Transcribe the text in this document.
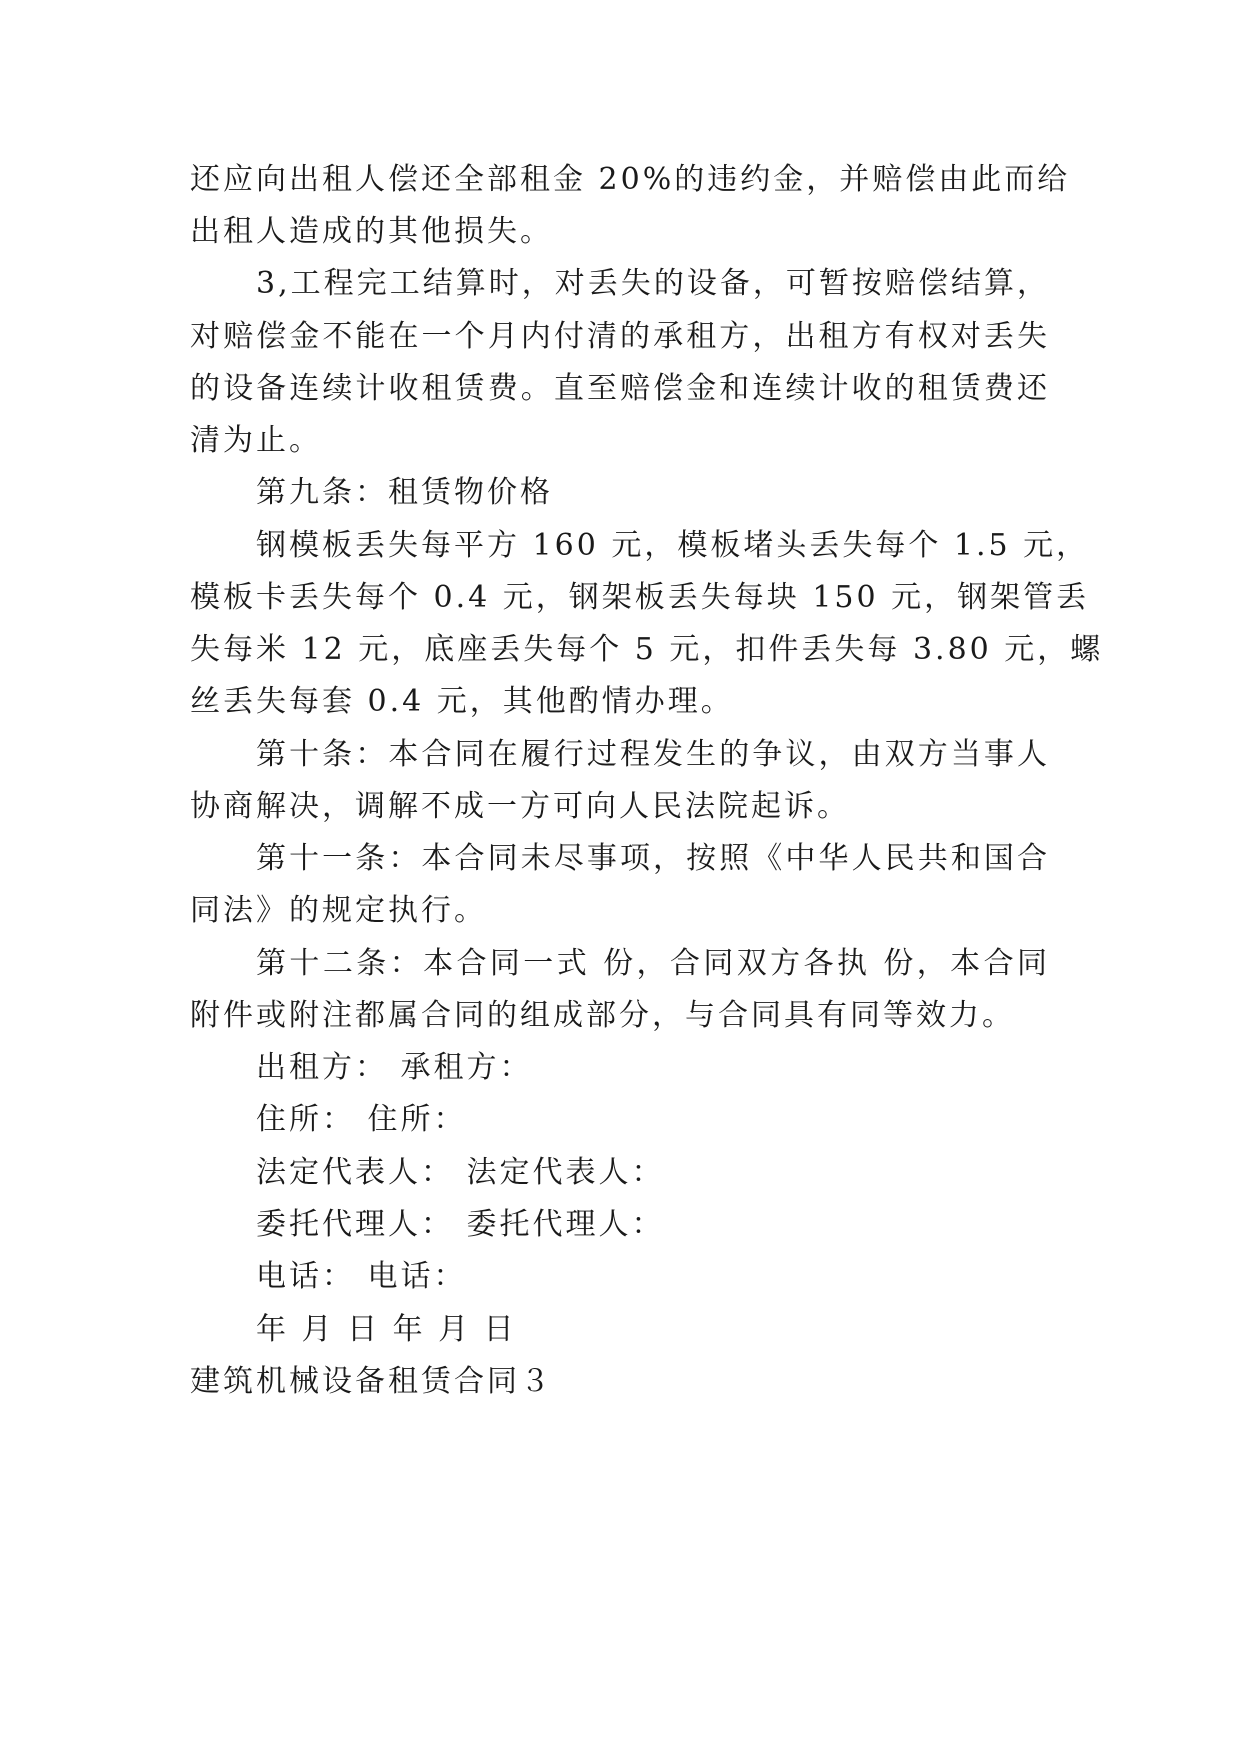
还应向出租人偿还全部租金 20%的违约金，并赔偿由此而给
出租人造成的其他损失。
3,工程完工结算时，对丢失的设备，可暂按赔偿结算，
对赔偿金不能在一个月内付清的承租方，出租方有权对丢失
的设备连续计收租赁费。直至赔偿金和连续计收的租赁费还
清为止。
第九条：租赁物价格
钢模板丢失每平方 160 元，模板堵头丢失每个 1.5 元，
模板卡丢失每个 0.4 元，钢架板丢失每块 150 元，钢架管丢
失每米 12 元，底座丢失每个 5 元，扣件丢失每 3.80 元，螺
丝丢失每套 0.4 元，其他酌情办理。
第十条：本合同在履行过程发生的争议，由双方当事人
协商解决，调解不成一方可向人民法院起诉。
第十一条：本合同未尽事项，按照《中华人民共和国合
同法》的规定执行。
第十二条：本合同一式 份，合同双方各执 份，本合同
附件或附注都属合同的组成部分，与合同具有同等效力。
出租方： 承租方：
住所： 住所：
法定代表人： 法定代表人：
委托代理人： 委托代理人：
电话： 电话：
年 月 日 年 月 日
建筑机械设备租赁合同３
